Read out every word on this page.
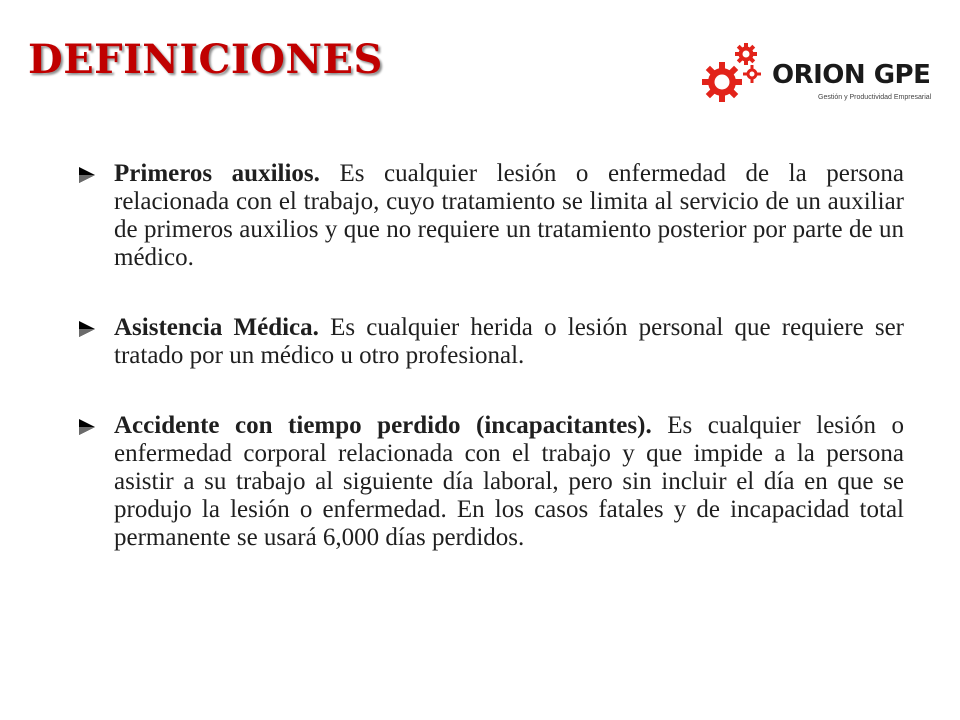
DEFINICIONES	ORION GPE
Gestión y Productividad Empresarial
Primeros auxilios. Es cualquier lesión o enfermedad de la persona relacionada con el trabajo, cuyo tratamiento se limita al servicio de un auxiliar de primeros auxilios y que no requiere un tratamiento posterior por parte de un médico.
Asistencia Médica. Es cualquier herida o lesión personal que requiere ser tratado por un médico u otro profesional.
Accidente con tiempo perdido (incapacitantes). Es cualquier lesión o enfermedad corporal relacionada con el trabajo y que impide a la persona asistir a su trabajo al siguiente día laboral, pero sin incluir el día en que se produjo la lesión o enfermedad. En los casos fatales y de incapacidad total permanente se usará 6,000 días perdidos.
